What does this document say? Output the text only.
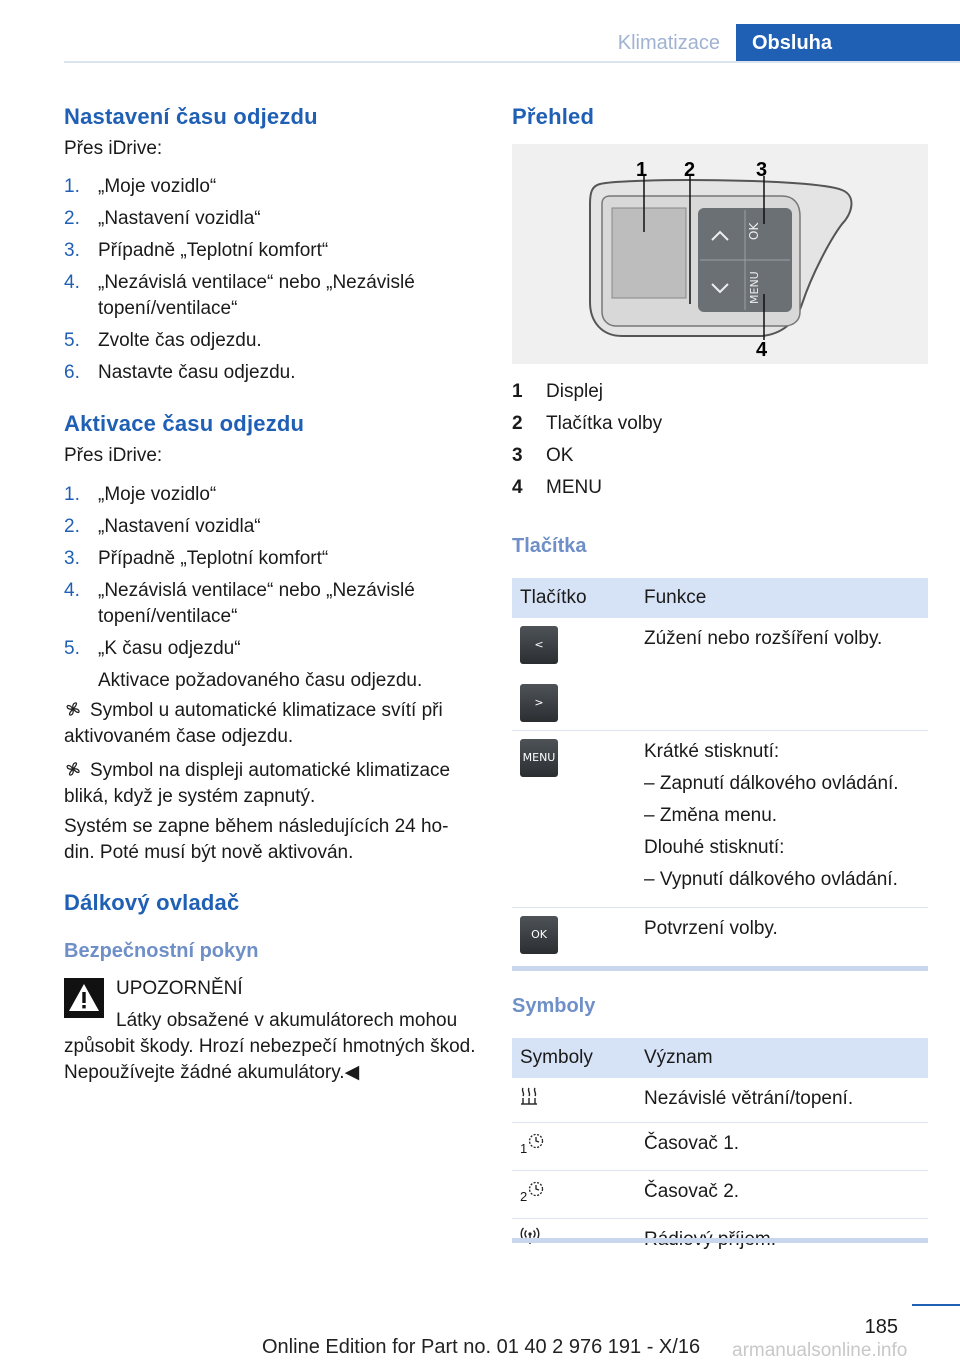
Klimatizace	Obsluha
Nastavení času odjezdu

Přes iDrive:

1. „Moje vozidlo“
2. „Nastavení vozidla“
3. Případně „Teplotní komfort“
4. „Nezávislá ventilace“ nebo „Nezávislé topení/ventilace“
5. Zvolte čas odjezdu.
6. Nastavte času odjezdu.
Aktivace času odjezdu

Přes iDrive:

1. „Moje vozidlo“
2. „Nastavení vozidla“
3. Případně „Teplotní komfort“
4. „Nezávislá ventilace“ nebo „Nezávislé topení/ventilace“
5. „K času odjezdu“
Aktivace požadovaného času odjezdu.
Symbol u automatické klimatizace svítí při aktivovaném čase odjezdu.
Symbol na displeji automatické klimatizace bliká, když je systém zapnutý.

Systém se zapne během následujících 24 ho‐din. Poté musí být nově aktivován.

Dálkový ovladač
Bezpečnostní pokyn

UPOZORNĚNÍ

Látky obsažené v akumulátorech mohou způsobit škody. Hrozí nebezpečí hmotných škod. Nepoužívejte žádné akumulátory.◀

Přehled
OK
MENU
1 2	3
4
1 Displej
2 Tlačítka volby
3 OK
4 MENU
Tlačítka
Tlačítko	Funkce

<
>	Zúžení nebo rozšíření volby.

MENU	Krátké stisknutí:
– Zapnutí dálkového ovládání.
– Změna menu.
Dlouhé stisknutí:
– Vypnutí dálkového ovládání.

OK	Potvrzení volby.
Symboly
Symboly	Význam
	Nezávislé větrání/topení.
$_1$	Časovač 1.
$_2$	Časovač 2.

185
Online Edition for Part no. 01 40 2 976 191 - X/16 armanualsonline.info
